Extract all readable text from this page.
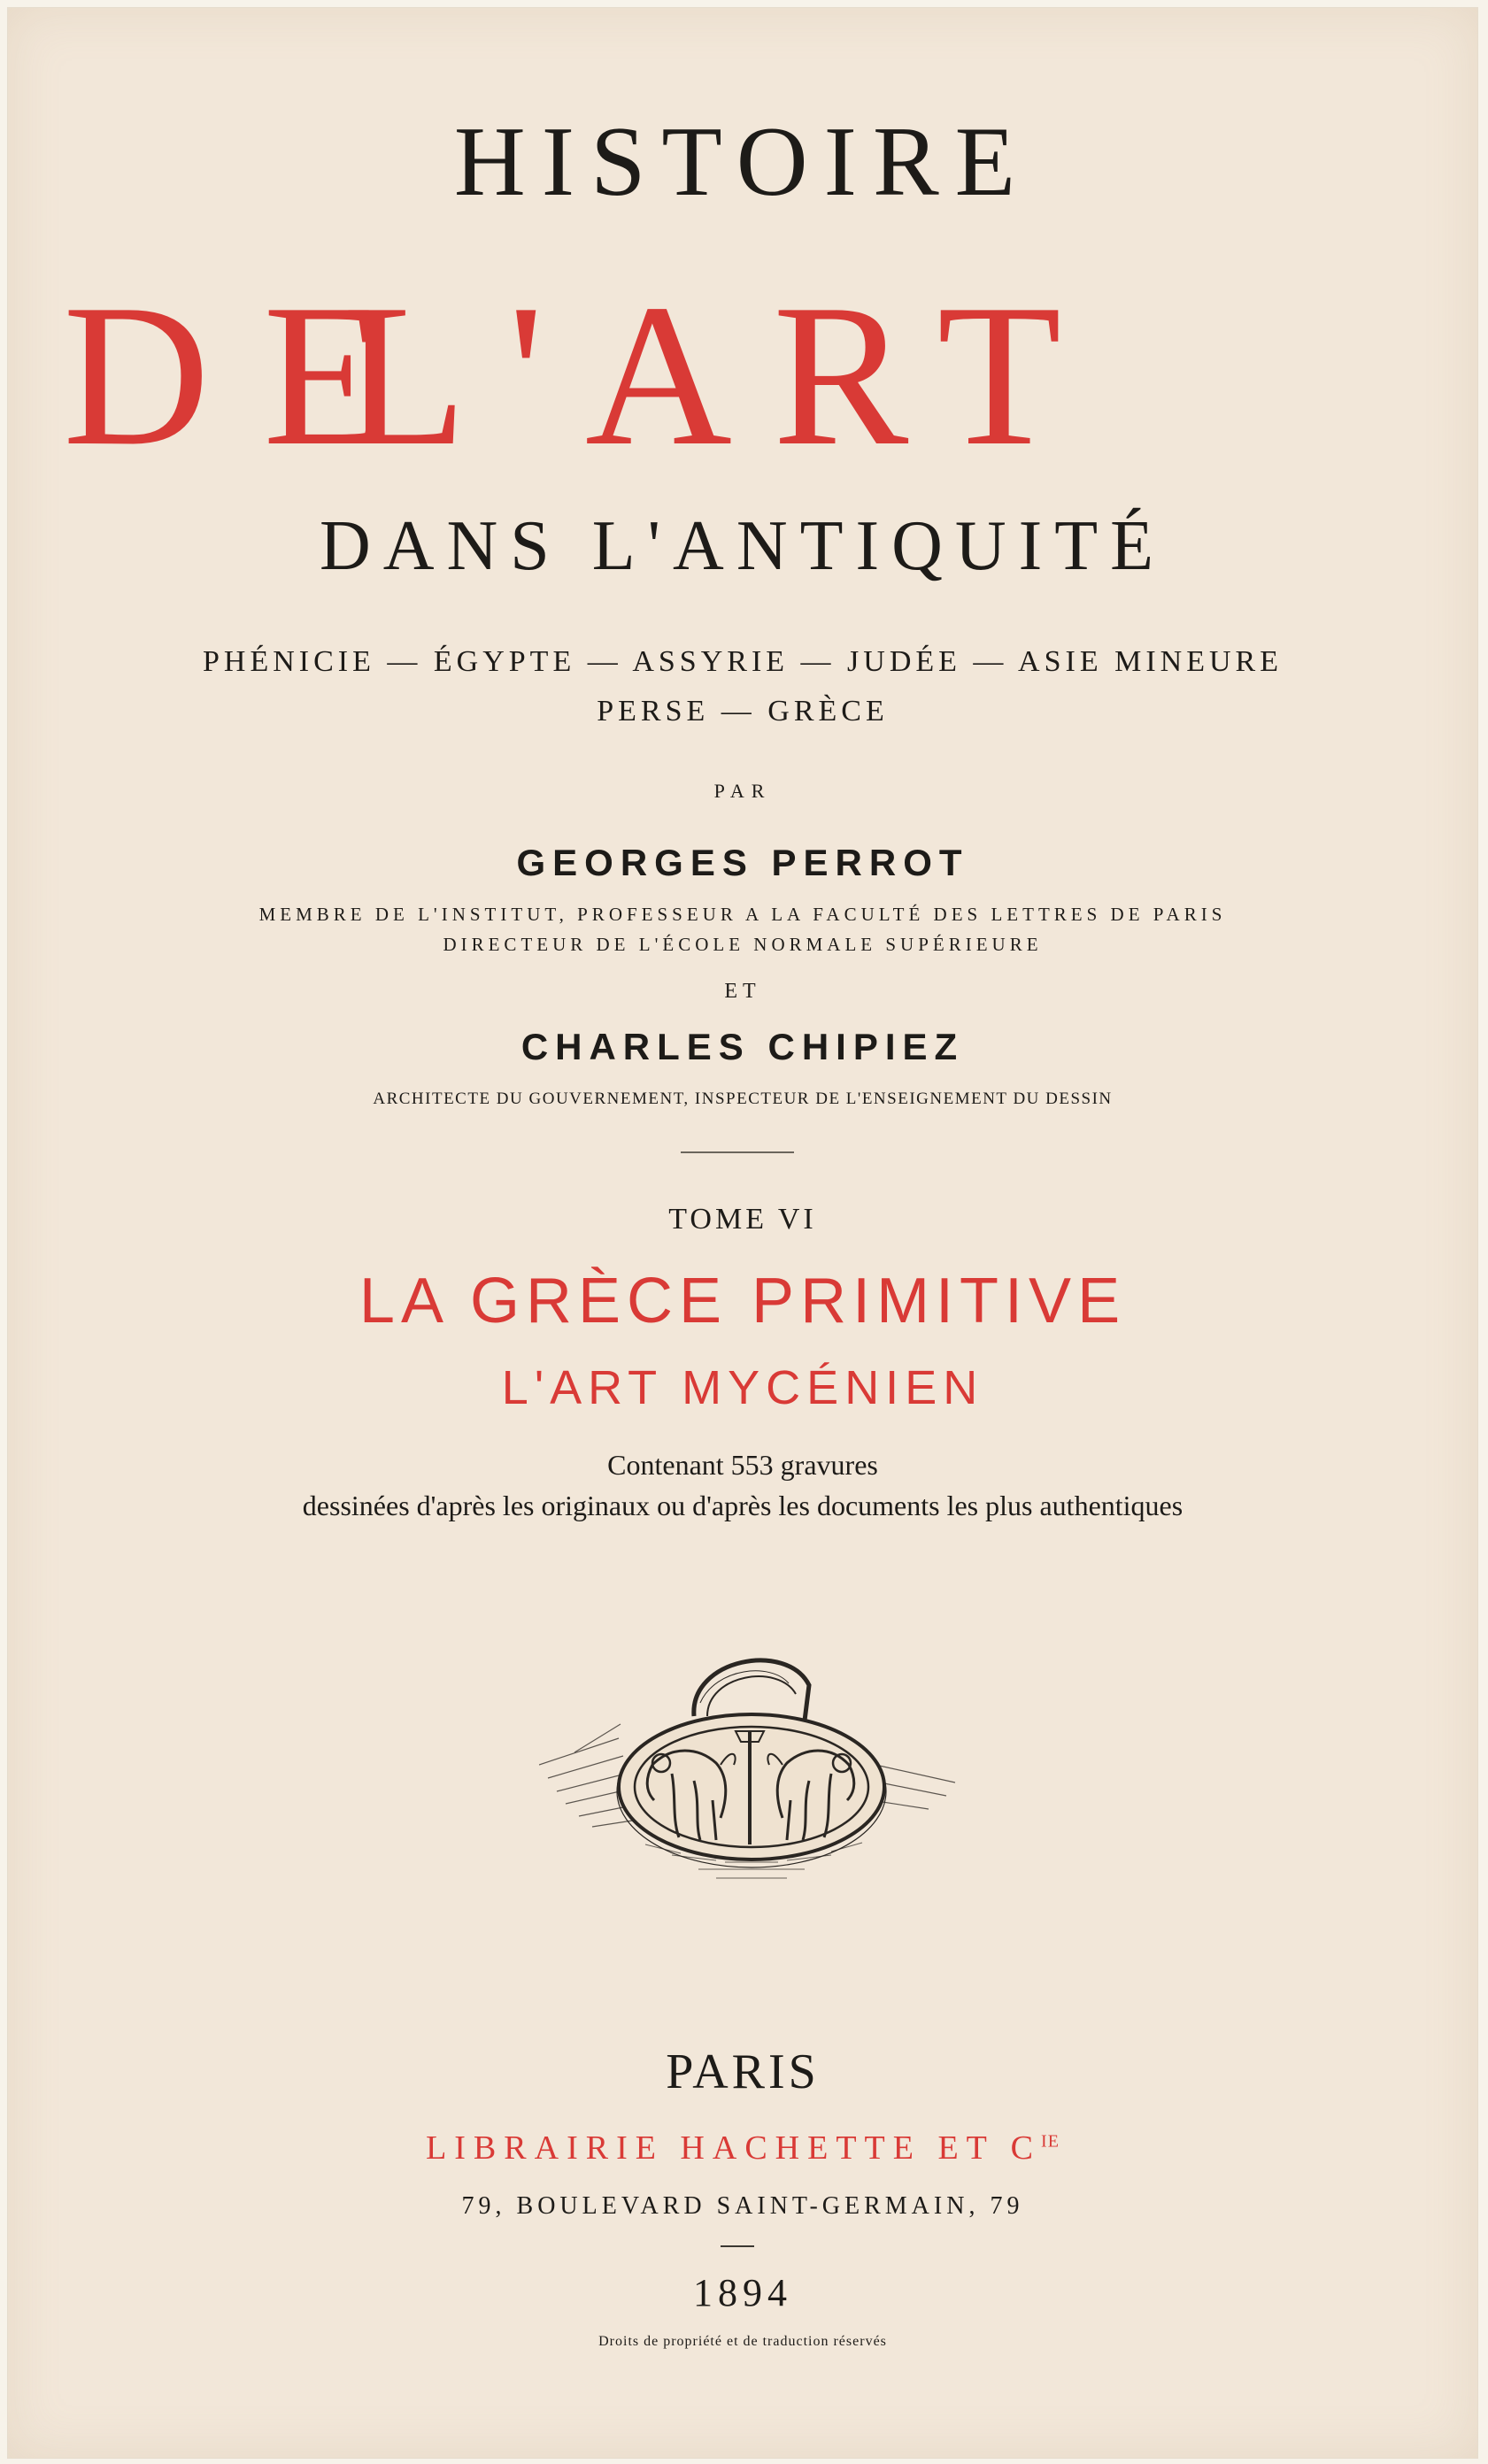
HISTOIRE
DE
L'ART
DANS L'ANTIQUITÉ
PHÉNICIE — ÉGYPTE — ASSYRIE — JUDÉE — ASIE MINEURE
PERSE — GRÈCE
PAR
GEORGES PERROT
MEMBRE DE L'INSTITUT, PROFESSEUR A LA FACULTÉ DES LETTRES DE PARIS
DIRECTEUR DE L'ÉCOLE NORMALE SUPÉRIEURE
ET
CHARLES CHIPIEZ
ARCHITECTE DU GOUVERNEMENT, INSPECTEUR DE L'ENSEIGNEMENT DU DESSIN
TOME VI
LA GRÈCE PRIMITIVE
L'ART MYCÉNIEN
Contenant 553 gravures
dessinées d'après les originaux ou d'après les documents les plus authentiques
PARIS
LIBRAIRIE HACHETTE ET $C^{IE}$
79, BOULEVARD SAINT-GERMAIN, 79
1894
Droits de propriété et de traduction réservés
